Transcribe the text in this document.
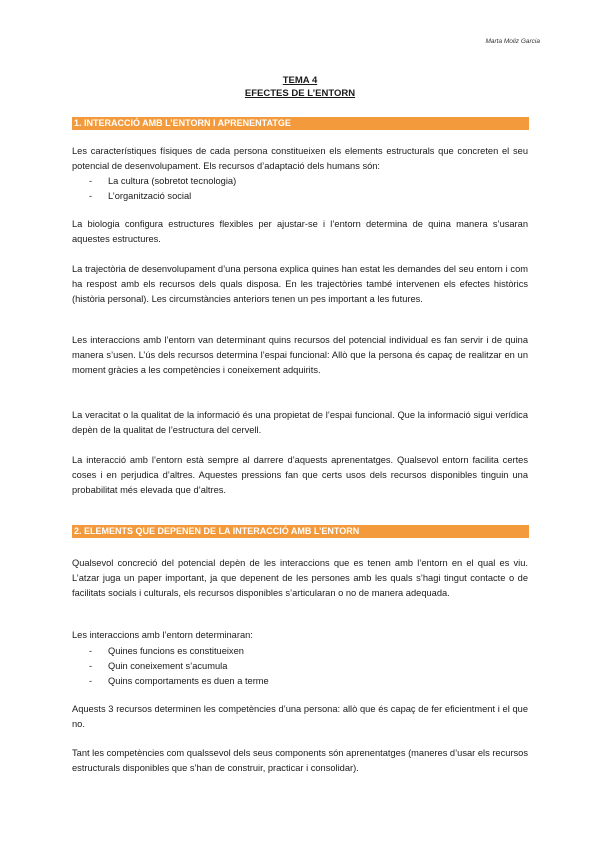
Marta Moliz Garcia
TEMA 4
EFECTES DE L’ENTORN
1. INTERACCIÓ AMB L’ENTORN I APRENENTATGE
Les característiques físiques de cada persona constitueixen els elements estructurals que concreten el seu potencial de desenvolupament. Els recursos d’adaptació dels humans són:
- La cultura (sobretot tecnologia)
- L’organització social
La biologia configura estructures flexibles per ajustar-se i l’entorn determina de quina manera s’usaran aquestes estructures.
La trajectòria de desenvolupament d’una persona explica quines han estat les demandes del seu entorn i com ha respost amb els recursos dels quals disposa. En les trajectòries també intervenen els efectes històrics (història personal). Les circumstàncies anteriors tenen un pes important a les futures.
Les interaccions amb l’entorn van determinant quins recursos del potencial individual es fan servir i de quina manera s’usen. L’ús dels recursos determina l’espai funcional: Allò que la persona és capaç de realitzar en un moment gràcies a les competències i coneixement adquirits.
La veracitat o la qualitat de la informació és una propietat de l’espai funcional. Que la informació sigui verídica depèn de la qualitat de l’estructura del cervell.
La interacció amb l’entorn està sempre al darrere d’aquests aprenentatges. Qualsevol entorn facilita certes coses i en perjudica d’altres. Aquestes pressions fan que certs usos dels recursos disponibles tinguin una probabilitat més elevada que d’altres.
2. ELEMENTS QUE DEPENEN DE LA INTERACCIÓ AMB L’ENTORN
Qualsevol concreció del potencial depèn de les interaccions que es tenen amb l’entorn en el qual es viu. L’atzar juga un paper important, ja que depenent de les persones amb les quals s’hagi tingut contacte o de facilitats socials i culturals, els recursos disponibles s’articularan o no de manera adequada.
Les interaccions amb l’entorn determinaran:
- Quines funcions es constitueixen
- Quin coneixement s’acumula
- Quins comportaments es duen a terme
Aquests 3 recursos determinen les competències d’una persona: allò que és capaç de fer eficientment i el que no.
Tant les competències com qualssevol dels seus components són aprenentatges (maneres d’usar els recursos estructurals disponibles que s’han de construir, practicar i consolidar).
